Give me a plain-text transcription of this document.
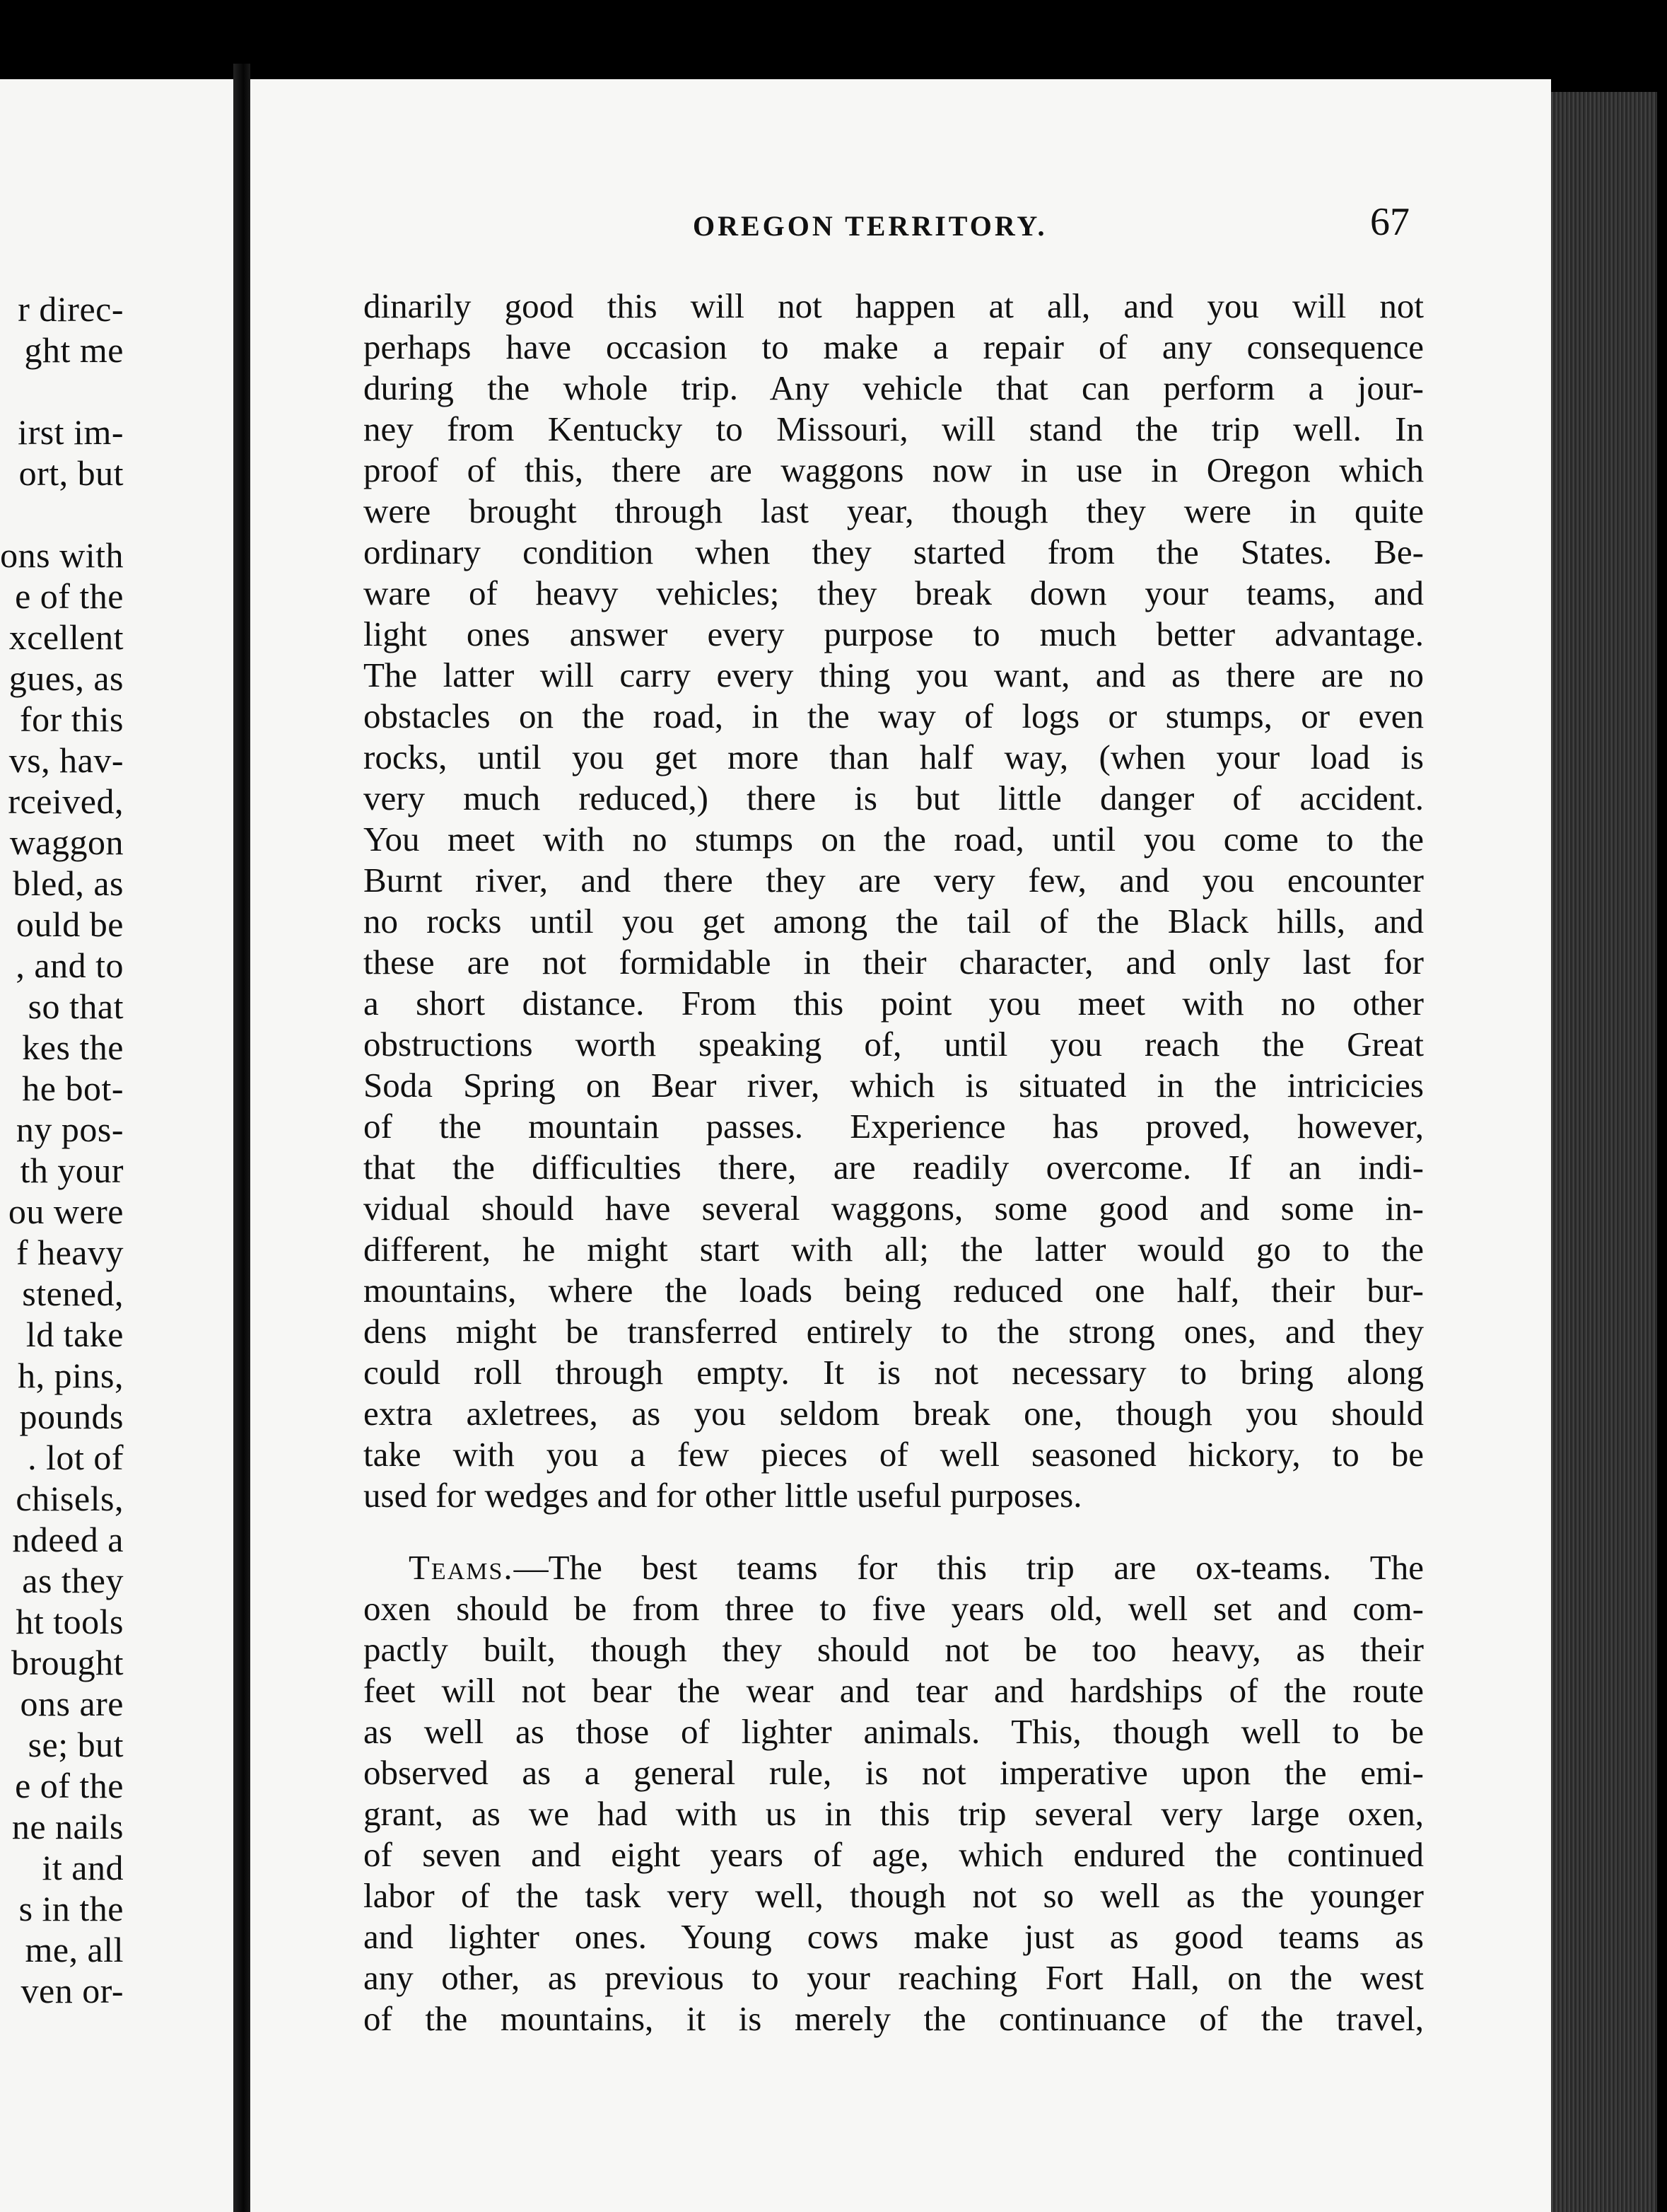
r direc-
ght me
irst im-
ort, but
ons with
e of the
xcellent
gues, as
for this
vs, hav-
rceived,
waggon
bled, as
ould be
, and to
so that
kes the
he bot-
ny pos-
th your
ou were
f heavy
stened,
ld take
h, pins,
pounds
. lot of
chisels,
ndeed a
as they
ht tools
brought
ons are
se; but
e of the
ne nails
it and
s in the
me, all
ven or-
OREGON TERRITORY.	67
dinarily good this will not happen at all, and you will not
perhaps have occasion to make a repair of any consequence
during the whole trip. Any vehicle that can perform a jour-
ney from Kentucky to Missouri, will stand the trip well. In
proof of this, there are waggons now in use in Oregon which
were brought through last year, though they were in quite
ordinary condition when they started from the States. Be-
ware of heavy vehicles; they break down your teams, and
light ones answer every purpose to much better advantage.
The latter will carry every thing you want, and as there are no
obstacles on the road, in the way of logs or stumps, or even
rocks, until you get more than half way, (when your load is
very much reduced,) there is but little danger of accident.
You meet with no stumps on the road, until you come to the
Burnt river, and there they are very few, and you encounter
no rocks until you get among the tail of the Black hills, and
these are not formidable in their character, and only last for
a short distance. From this point you meet with no other
obstructions worth speaking of, until you reach the Great
Soda Spring on Bear river, which is situated in the intricicies
of the mountain passes. Experience has proved, however,
that the difficulties there, are readily overcome. If an indi-
vidual should have several waggons, some good and some in-
different, he might start with all; the latter would go to the
mountains, where the loads being reduced one half, their bur-
dens might be transferred entirely to the strong ones, and they
could roll through empty. It is not necessary to bring along
extra axletrees, as you seldom break one, though you should
take with you a few pieces of well seasoned hickory, to be
used for wedges and for other little useful purposes.
Teams.—The best teams for this trip are ox-teams. The
oxen should be from three to five years old, well set and com-
pactly built, though they should not be too heavy, as their
feet will not bear the wear and tear and hardships of the route
as well as those of lighter animals. This, though well to be
observed as a general rule, is not imperative upon the emi-
grant, as we had with us in this trip several very large oxen,
of seven and eight years of age, which endured the continued
labor of the task very well, though not so well as the younger
and lighter ones. Young cows make just as good teams as
any other, as previous to your reaching Fort Hall, on the west
of the mountains, it is merely the continuance of the travel,
